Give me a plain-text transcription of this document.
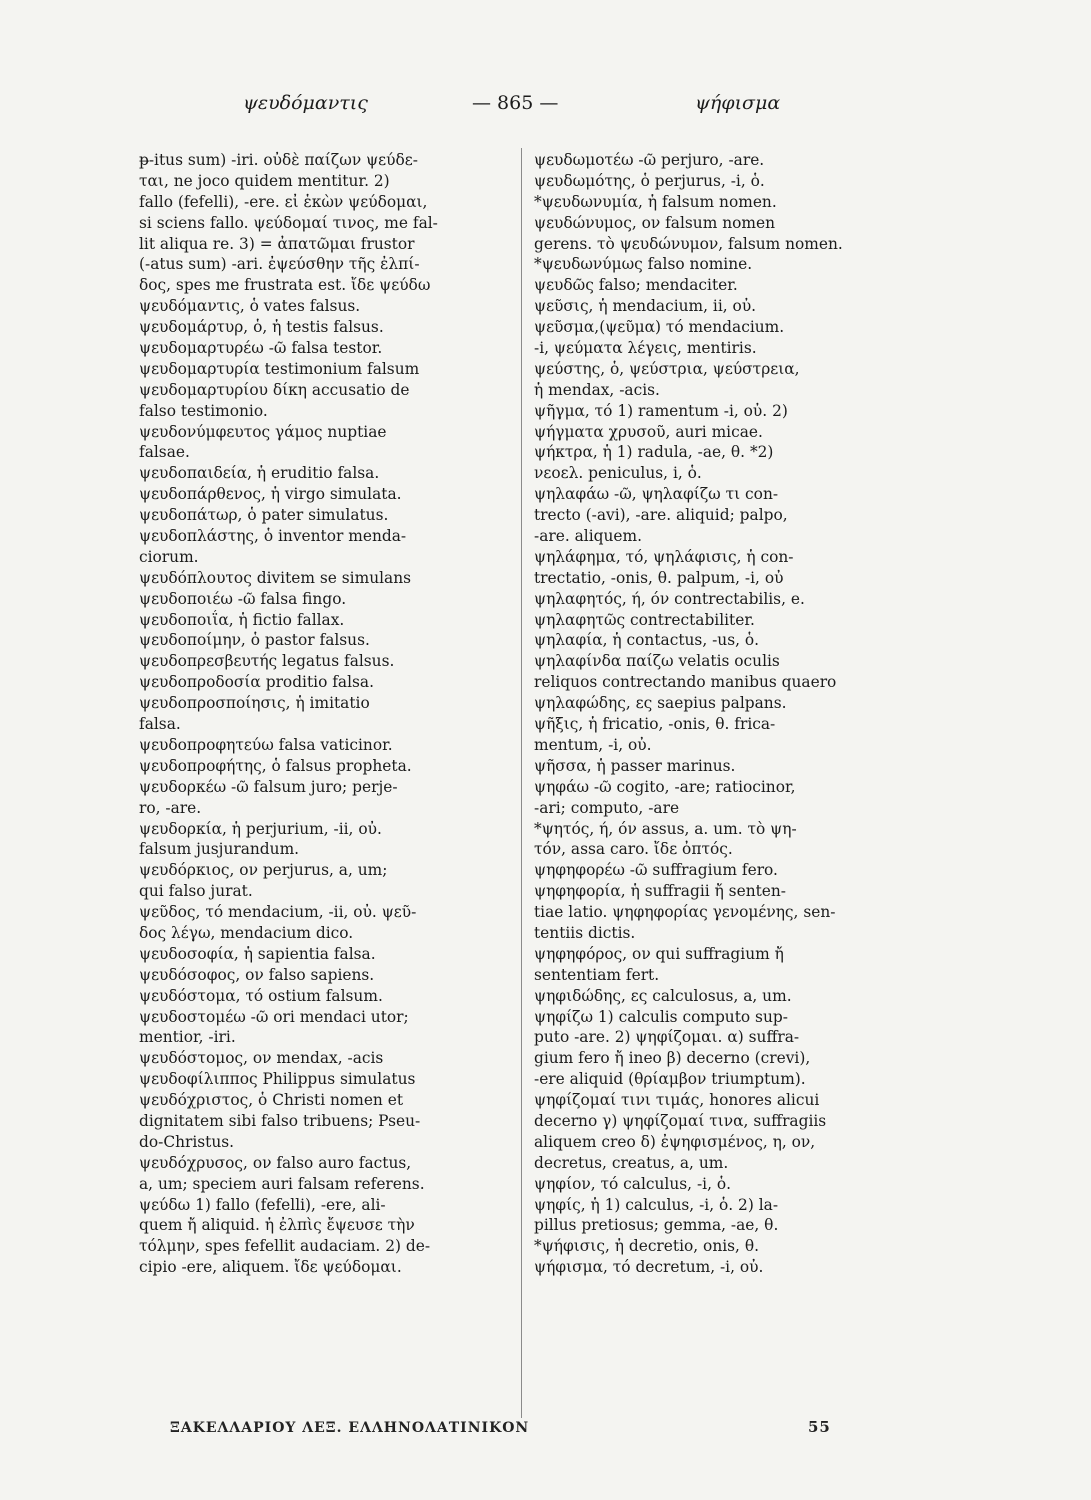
ψευδόμαντις	— 865 —	ψήφισμα
ᵽ-itus sum) -iri. οὐδὲ παίζων ψεύδε-
ται, ne joco quidem mentitur. 2)
fallo (fefelli), -ere. εἰ ἑκὼν ψεύδομαι,
si sciens fallo. ψεύδομαί τινος, me fal-
lit aliqua re. 3) = ἀπατῶμαι frustor
(-atus sum) -ari. ἐψεύσθην τῆς ἐλπί-
δος, spes me frustrata est. ἴδε ψεύδω
ψευδόμαντις, ὁ vates falsus.
ψευδομάρτυρ, ὁ, ἡ testis falsus.
ψευδομαρτυρέω -ῶ falsa testor.
ψευδομαρτυρία testimonium falsum
ψευδομαρτυρίου δίκη accusatio de
falso testimonio.
ψευδονύμφευτος γάμος nuptiae
falsae.
ψευδοπαιδεία, ἡ eruditio falsa.
ψευδοπάρθενος, ἡ virgo simulata.
ψευδοπάτωρ, ὁ pater simulatus.
ψευδοπλάστης, ὁ inventor menda-
ciorum.
ψευδόπλουτος divitem se simulans
ψευδοποιέω -ῶ falsa fingo.
ψευδοποιΐα, ἡ fictio fallax.
ψευδοποίμην, ὁ pastor falsus.
ψευδοπρεσβευτής legatus falsus.
ψευδοπροδοσία proditio falsa.
ψευδοπροσποίησις, ἡ imitatio
falsa.
ψευδοπροφητεύω falsa vaticinor.
ψευδοπροφήτης, ὁ falsus propheta.
ψευδορκέω -ῶ falsum juro; perje-
ro, -are.
ψευδορκία, ἡ perjurium, -ii, οὐ.
falsum jusjurandum.
ψευδόρκιος, ον perjurus, a, um;
qui falso jurat.
ψεῦδος, τό mendacium, -ii, οὐ. ψεῦ-
δος λέγω, mendacium dico.
ψευδοσοφία, ἡ sapientia falsa.
ψευδόσοφος, ον falso sapiens.
ψευδόστομα, τό ostium falsum.
ψευδοστομέω -ῶ ori mendaci utor;
mentior, -iri.
ψευδόστομος, ον mendax, -acis
ψευδοφίλιππος Philippus simulatus
ψευδόχριστος, ὁ Christi nomen et
dignitatem sibi falso tribuens; Pseu-
do-Christus.
ψευδόχρυσος, ον falso auro factus,
a, um; speciem auri falsam referens.
ψεύδω 1) fallo (fefelli), -ere, ali-
quem ἤ aliquid. ἡ ἐλπὶς ἔψευσε τὴν
τόλμην, spes fefellit audaciam. 2) de-
cipio -ere, aliquem. ἴδε ψεύδομαι.
ψευδωμοτέω -ῶ perjuro, -are.
ψευδωμότης, ὁ perjurus, -i, ὁ.
*ψευδωνυμία, ἡ falsum nomen.
ψευδώνυμος, ον falsum nomen
gerens. τὸ ψευδώνυμον, falsum nomen.
*ψευδωνύμως falso nomine.
ψευδῶς falso; mendaciter.
ψεῦσις, ἡ mendacium, ii, οὐ.
ψεῦσμα,(ψεῦμα) τό mendacium.
-i, ψεύματα λέγεις, mentiris.
ψεύστης, ὁ, ψεύστρια, ψεύστρεια,
ἡ mendax, -acis.
ψῆγμα, τό 1) ramentum -i, οὐ. 2)
ψήγματα χρυσοῦ, auri micae.
ψήκτρα, ἡ 1) radula, -ae, θ. *2)
νεοελ. peniculus, i, ὁ.
ψηλαφάω -ῶ, ψηλαφίζω τι con-
trecto (-avi), -are. aliquid; palpo,
-are. aliquem.
ψηλάφημα, τό, ψηλάφισις, ἡ con-
trectatio, -onis, θ. palpum, -i, οὐ
ψηλαφητός, ή, όν contrectabilis, e.
ψηλαφητῶς contrectabiliter.
ψηλαφία, ἡ contactus, -us, ὁ.
ψηλαφίνδα παίζω velatis oculis
reliquos contrectando manibus quaero
ψηλαφώδης, ες saepius palpans.
ψῆξις, ἡ fricatio, -onis, θ. frica-
mentum, -i, οὐ.
ψῆσσα, ἡ passer marinus.
ψηφάω -ῶ cogito, -are; ratiocinor,
-ari; computo, -are
*ψητός, ή, όν assus, a. um. τὸ ψη-
τόν, assa caro. ἴδε ὀπτός.
ψηφηφορέω -ῶ suffragium fero.
ψηφηφορία, ἡ suffragii ἤ senten-
tiae latio. ψηφηφορίας γενομένης, sen-
tentiis dictis.
ψηφηφόρος, ον qui suffragium ἤ
sententiam fert.
ψηφιδώδης, ες calculosus, a, um.
ψηφίζω 1) calculis computo sup-
puto -are. 2) ψηφίζομαι. α) suffra-
gium fero ἤ ineo β) decerno (crevi),
-ere aliquid (θρίαμβον triumptum).
ψηφίζομαί τινι τιμάς, honores alicui
decerno γ) ψηφίζομαί τινα, suffragiis
aliquem creo δ) ἐψηφισμένος, η, ον,
decretus, creatus, a, um.
ψηφίον, τό calculus, -i, ὁ.
ψηφίς, ἡ 1) calculus, -i, ὁ. 2) la-
pillus pretiosus; gemma, -ae, θ.
*ψήφισις, ἡ decretio, onis, θ.
ψήφισμα, τό decretum, -i, οὐ.
ΞΑΚΕΛΛΑΡΙΟΥ ΛΕΞ. ΕΛΛΗΝΟΛΑΤΙΝΙΚΟΝ	55
